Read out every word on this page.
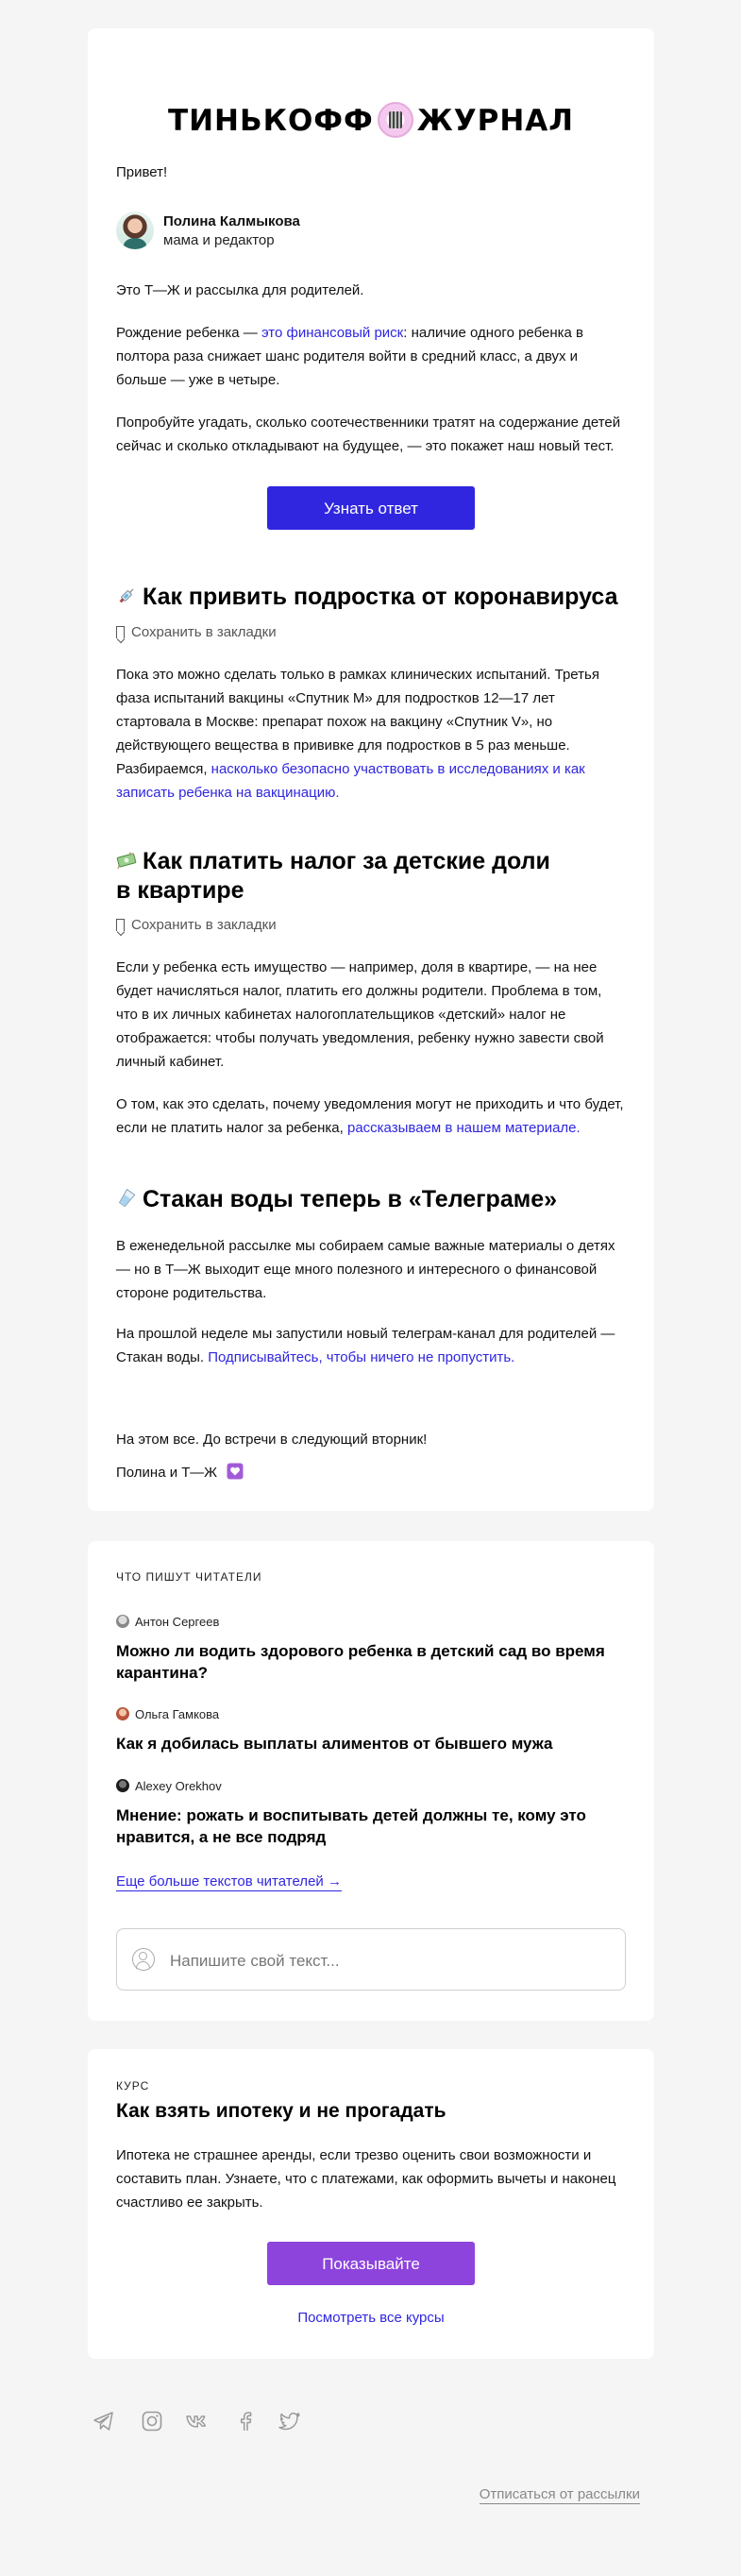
ТИНЬКОФФ ЖУРНАЛ

Привет!

Полина Калмыкова
мама и редактор

Это Т—Ж и рассылка для родителей.

Рождение ребенка — это финансовый риск: наличие одного ребенка в полтора раза снижает шанс родителя войти в средний класс, а двух и больше — уже в четыре.

Попробуйте угадать, сколько соотечественники тратят на содержание детей сейчас и сколько откладывают на будущее, — это покажет наш новый тест.

Узнать ответ
Как привить подростка от коронавируса
Сохранить в закладки

Пока это можно сделать только в рамках клинических испытаний. Третья фаза испытаний вакцины «Спутник М» для подростков 12—17 лет стартовала в Москве: препарат похож на вакцину «Спутник V», но действующего вещества в прививке для подростков в 5 раз меньше. Разбираемся, насколько безопасно участвовать в исследованиях и как записать ребенка на вакцинацию.

Как платить налог за детские доли в квартире
Сохранить в закладки

Если у ребенка есть имущество — например, доля в квартире, — на нее будет начисляться налог, платить его должны родители. Проблема в том, что в их личных кабинетах налогоплательщиков «детский» налог не отображается: чтобы получать уведомления, ребенку нужно завести свой личный кабинет.

О том, как это сделать, почему уведомления могут не приходить и что будет, если не платить налог за ребенка, рассказываем в нашем материале.

Стакан воды теперь в «Телеграме»

В еженедельной рассылке мы собираем самые важные материалы о детях — но в Т—Ж выходит еще много полезного и интересного о финансовой стороне родительства.

На прошлой неделе мы запустили новый телеграм-канал для родителей — Стакан воды. Подписывайтесь, чтобы ничего не пропустить.

На этом все. До встречи в следующий вторник!

Полина и Т—Ж

ЧТО ПИШУТ ЧИТАТЕЛИ
Антон Сергеев
Можно ли водить здорового ребенка в детский сад во время карантина?
Ольга Гамкова
Как я добилась выплаты алиментов от бывшего мужа
Alexey Orekhov
Мнение: рожать и воспитывать детей должны те, кому это нравится, а не все подряд
Еще больше текстов читателей →
Напишите свой текст...
КУРС
Как взять ипотеку и не прогадать

Ипотека не страшнее аренды, если трезво оценить свои возможности и составить план. Узнаете, что с платежами, как оформить вычеты и наконец счастливо ее закрыть.

Показывайте
Посмотреть все курсы
Отписаться от рассылки
